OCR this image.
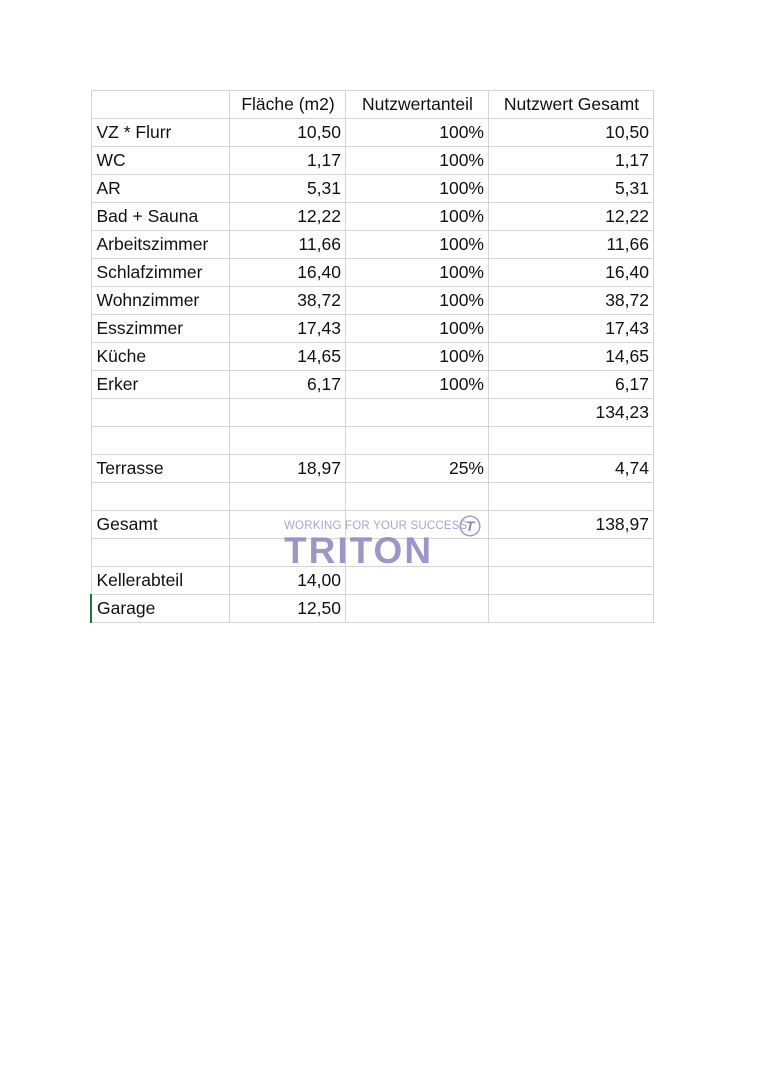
	Fläche (m2)	Nutzwertanteil	Nutzwert Gesamt
VZ * Flurr	10,50	100%	10,50
WC	1,17	100%	1,17
AR	5,31	100%	5,31
Bad + Sauna	12,22	100%	12,22
Arbeitszimmer	11,66	100%	11,66
Schlafzimmer	16,40	100%	16,40
Wohnzimmer	38,72	100%	38,72
Esszimmer	17,43	100%	17,43
Küche	14,65	100%	14,65
Erker	6,17	100%	6,17
			134,23

Terrasse	18,97	25%	4,74

Gesamt			138,97

Kellerabteil	14,00		
Garage	12,50		
WORKING FOR YOUR SUCCESS
TRITON
T
